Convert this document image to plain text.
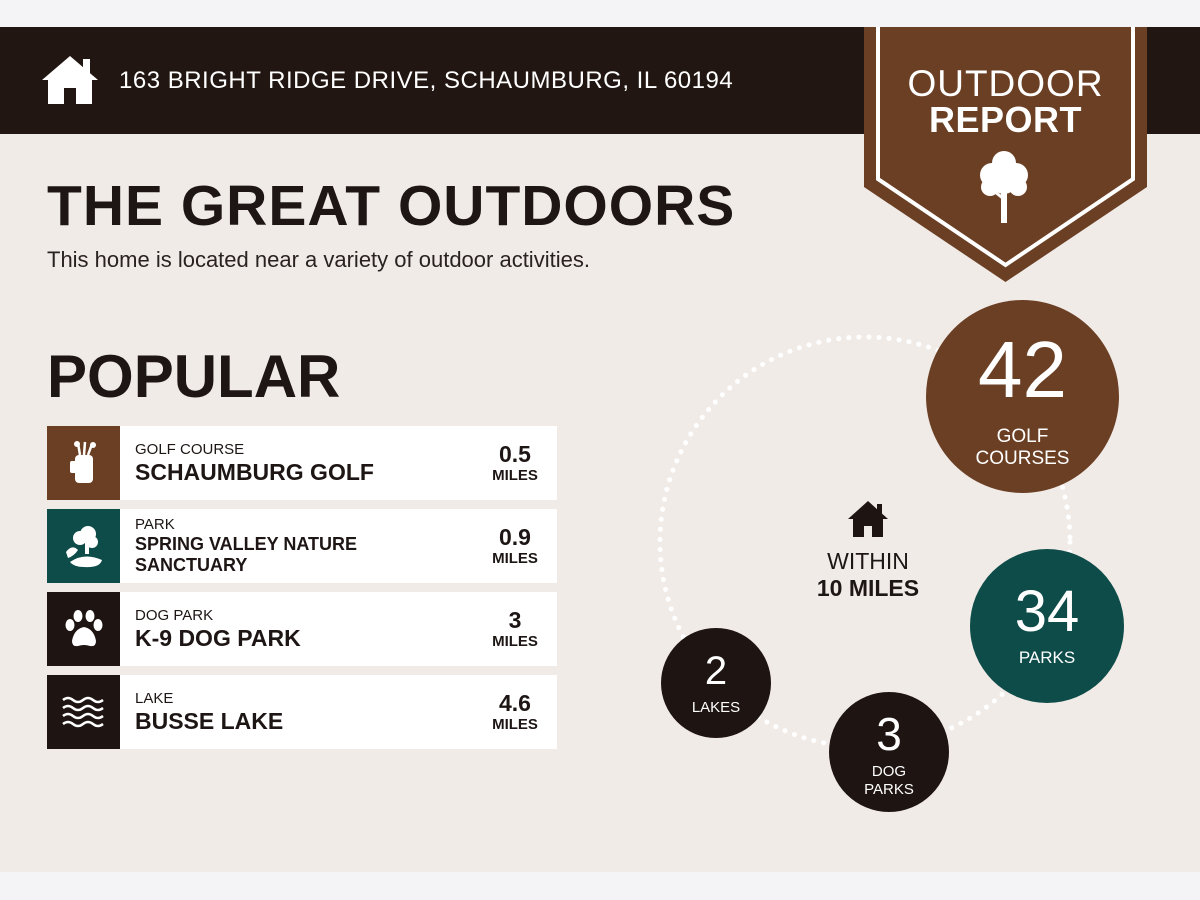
163 BRIGHT RIDGE DRIVE, SCHAUMBURG, IL 60194	OUTDOOR
REPORT
THE GREAT OUTDOORS
This home is located near a variety of outdoor activities.
POPULAR
GOLF COURSE
SCHAUMBURG GOLF
0.5
MILES
PARK
SPRING VALLEY NATURE SANCTUARY
0.9
MILES
DOG PARK
K-9 DOG PARK
3
MILES
LAKE
BUSSE LAKE
4.6
MILES
WITHIN
10 MILES
42
GOLF
COURSES
34
PARKS
3
DOG
PARKS
2
LAKES
